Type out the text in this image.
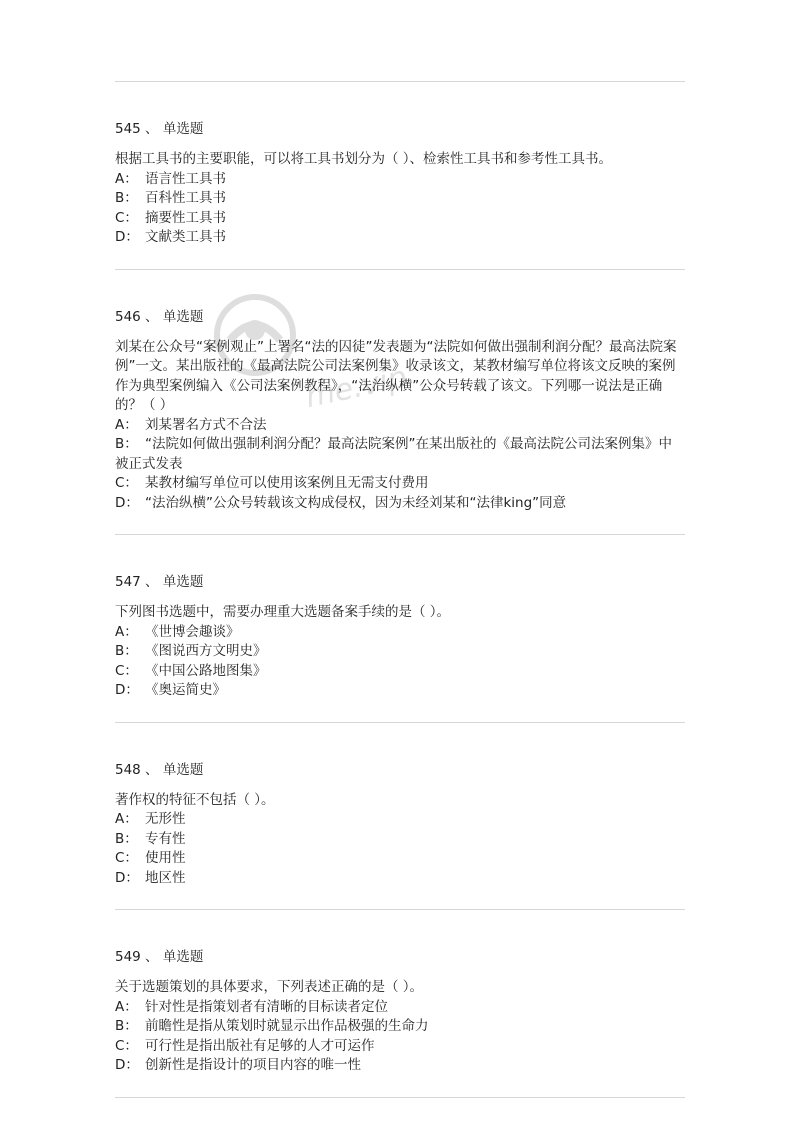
me.vip
545 、 单选题
根据工具书的主要职能，可以将工具书划分为（ ）、检索性工具书和参考性工具书。
A： 语言性工具书
B： 百科性工具书
C： 摘要性工具书
D： 文献类工具书
546 、 单选题
刘某在公众号“案例观止”上署名“法的囚徒”发表题为“法院如何做出强制利润分配？最高法院案例”一文。某出版社的《最高法院公司法案例集》收录该文，某教材编写单位将该文反映的案例作为典型案例编入《公司法案例教程》，“法治纵横”公众号转载了该文。下列哪一说法是正确的？（ ）
A： 刘某署名方式不合法
B： “法院如何做出强制利润分配？最高法院案例”在某出版社的《最高法院公司法案例集》中被正式发表
C： 某教材编写单位可以使用该案例且无需支付费用
D： “法治纵横”公众号转载该文构成侵权，因为未经刘某和“法律king”同意
547 、 单选题
下列图书选题中，需要办理重大选题备案手续的是（ ）。
A： 《世博会趣谈》
B： 《图说西方文明史》
C： 《中国公路地图集》
D： 《奥运简史》
548 、 单选题
著作权的特征不包括（ ）。
A： 无形性
B： 专有性
C： 使用性
D： 地区性
549 、 单选题
关于选题策划的具体要求，下列表述正确的是（ ）。
A： 针对性是指策划者有清晰的目标读者定位
B： 前瞻性是指从策划时就显示出作品极强的生命力
C： 可行性是指出版社有足够的人才可运作
D： 创新性是指设计的项目内容的唯一性
